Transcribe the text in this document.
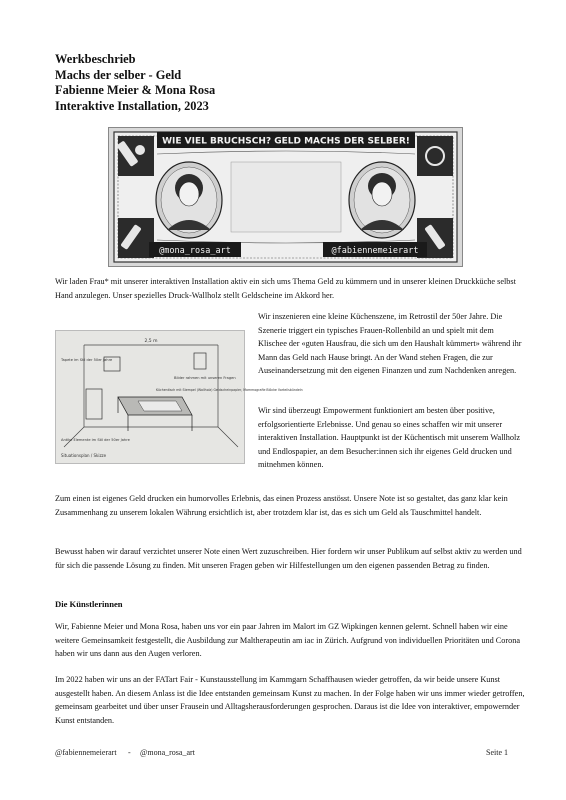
Werkbeschrieb
Machs der selber - Geld
Fabienne Meier & Mona Rosa
Interaktive Installation, 2023
WIE VIEL BRUCHSCH? GELD MACHS DER SELBER!
@mona_rosa_art	@fabiennemeierart

Wir laden Frau* mit unserer interaktiven Installation aktiv ein sich ums Thema Geld zu kümmern und in unserer kleinen Druckküche selbst Hand anzulegen. Unser spezielles Druck-Wallholz stellt Geldscheine im Akkord her.

2,5 m
Tapete im Stil der 50er Jahre
Bilder rahmen mit unseren Fragen
Küchentisch mit Stempel (Wallholz) Geldscheinpapier, Mammografie Blöcke Vorteilsbündeln
Antike Elemente im Stil der 50er Jahre
Situationsplan / Skizze

Wir inszenieren eine kleine Küchenszene, im Retrostil der 50er Jahre. Die Szenerie triggert ein typisches Frauen-Rollenbild an und spielt mit dem Klischee der «guten Hausfrau, die sich um den Haushalt kümmert» während ihr Mann das Geld nach Hause bringt. An der Wand stehen Fragen, die zur Auseinandersetzung mit den eigenen Finanzen und zum Nachdenken anregen.

Wir sind überzeugt Empowerment funktioniert am besten über positive, erfolgsorientierte Erlebnisse. Und genau so eines schaffen wir mit unserer interaktiven Installation. Hauptpunkt ist der Küchentisch mit unserem Wallholz und Endlospapier, an dem Besucher:innen sich ihr eigenes Geld drucken und mitnehmen können.

Zum einen ist eigenes Geld drucken ein humorvolles Erlebnis, das einen Prozess anstösst. Unsere Note ist so gestaltet, das ganz klar kein Zusammenhang zu unserem lokalen Währung ersichtlich ist, aber trotzdem klar ist, das es sich um Geld als Tauschmittel handelt.

Bewusst haben wir darauf verzichtet unserer Note einen Wert zuzuschreiben. Hier fordern wir unser Publikum auf selbst aktiv zu werden und für sich die passende Lösung zu finden. Mit unseren Fragen geben wir Hilfestellungen um den eigenen passenden Betrag zu finden.

Die Künstlerinnen

Wir, Fabienne Meier und Mona Rosa, haben uns vor ein paar Jahren im Malort im GZ Wipkingen kennen gelernt. Schnell haben wir eine weitere Gemeinsamkeit festgestellt, die Ausbildung zur Maltherapeutin am iac in Zürich. Aufgrund von individuellen Prioritäten und Corona haben wir uns dann aus den Augen verloren.

Im 2022 haben wir uns an der FATart Fair - Kunstausstellung im Kammgarn Schaffhausen wieder getroffen, da wir beide unsere Kunst ausgestellt haben. An diesem Anlass ist die Idee entstanden gemeinsam Kunst zu machen. In der Folge haben wir uns immer wieder getroffen, gemeinsam gearbeitet und über unser Frausein und Alltagsherausforderungen gesprochen. Daraus ist die Idee von interaktiver, empowernder Kunst entstanden.

@fabiennemeierart - @mona_rosa_art	Seite 1
